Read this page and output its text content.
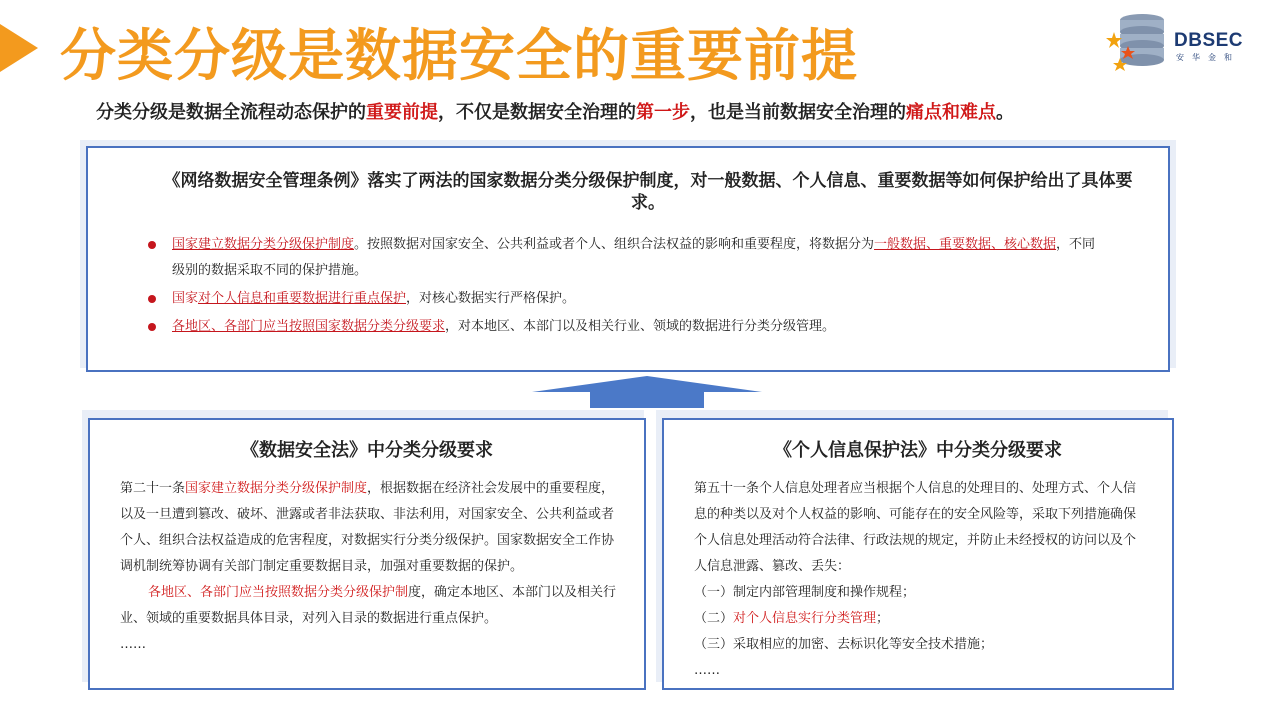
分类分级是数据安全的重要前提	DBSEC
安华金和
分类分级是数据全流程动态保护的重要前提，不仅是数据安全治理的第一步，也是当前数据安全治理的痛点和难点。
《网络数据安全管理条例》落实了两法的国家数据分类分级保护制度，对一般数据、个人信息、重要数据等如何保护给出了具体要求。
国家建立数据分类分级保护制度。按照数据对国家安全、公共利益或者个人、组织合法权益的影响和重要程度，将数据分为一般数据、重要数据、核心数据，不同级别的数据采取不同的保护措施。
国家对个人信息和重要数据进行重点保护，对核心数据实行严格保护。
各地区、各部门应当按照国家数据分类分级要求，对本地区、本部门以及相关行业、领域的数据进行分类分级管理。
《数据安全法》中分类分级要求

第二十一条国家建立数据分类分级保护制度，根据数据在经济社会发展中的重要程度，以及一旦遭到篡改、破坏、泄露或者非法获取、非法利用，对国家安全、公共利益或者个人、组织合法权益造成的危害程度，对数据实行分类分级保护。国家数据安全工作协调机制统筹协调有关部门制定重要数据目录，加强对重要数据的保护。

各地区、各部门应当按照数据分类分级保护制度，确定本地区、本部门以及相关行业、领域的重要数据具体目录，对列入目录的数据进行重点保护。

……

《个人信息保护法》中分类分级要求

第五十一条个人信息处理者应当根据个人信息的处理目的、处理方式、个人信息的种类以及对个人权益的影响、可能存在的安全风险等，采取下列措施确保个人信息处理活动符合法律、行政法规的规定，并防止未经授权的访问以及个人信息泄露、篡改、丢失：

（一）制定内部管理制度和操作规程；

（二）对个人信息实行分类管理；

（三）采取相应的加密、去标识化等安全技术措施；

……
